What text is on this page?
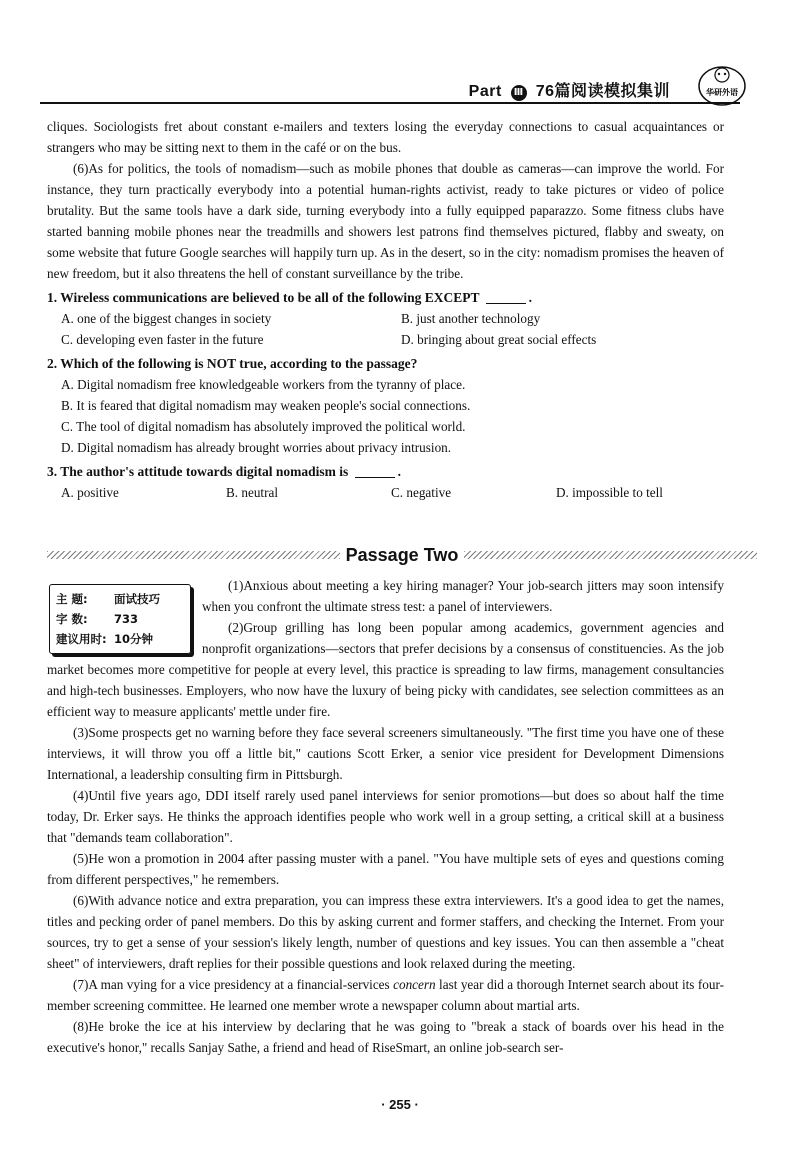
Part Ⅲ 76篇阅读模拟集训	华研外语

cliques. Sociologists fret about constant e-mailers and texters losing the everyday connections to casual acquaintances or strangers who may be sitting next to them in the café or on the bus.

(6)As for politics, the tools of nomadism—such as mobile phones that double as cameras—can improve the world. For instance, they turn practically everybody into a potential human-rights activist, ready to take pictures or video of police brutality. But the same tools have a dark side, turning everybody into a fully equipped paparazzo. Some fitness clubs have started banning mobile phones near the treadmills and showers lest patrons find themselves pictured, flabby and sweaty, on some website that future Google searches will happily turn up. As in the desert, so in the city: nomadism promises the heaven of new freedom, but it also threatens the hell of constant surveillance by the tribe.

1. Wireless communications are believed to be all of the following EXCEPT	.
A. one of the biggest changes in society	B. just another technology
C. developing even faster in the future	D. bringing about great social effects
2. Which of the following is NOT true, according to the passage?
A. Digital nomadism free knowledgeable workers from the tyranny of place.
B. It is feared that digital nomadism may weaken people's social connections.
C. The tool of digital nomadism has absolutely improved the political world.
D. Digital nomadism has already brought worries about privacy intrusion.
3. The author's attitude towards digital nomadism is	.
A. positive	B. neutral	C. negative	D. impossible to tell
Passage Two

(1)Anxious about meeting a key hiring manager? Your job-search jitters may soon intensify when you confront the ultimate stress test: a panel of interviewers.

(2)Group grilling has long been popular among academics, government agencies and nonprofit organizations—sectors that prefer decisions by a consensus of constituencies. As the job market becomes more competitive for people at every level, this practice is spreading to law firms, management consultancies and high-tech businesses. Employers, who now have the luxury of being picky with candidates, see selection committees as an efficient way to measure applicants' mettle under fire.

(3)Some prospects get no warning before they face several screeners simultaneously. "The first time you have one of these interviews, it will throw you off a little bit," cautions Scott Erker, a senior vice president for Development Dimensions International, a leadership consulting firm in Pittsburgh.

(4)Until five years ago, DDI itself rarely used panel interviews for senior promotions—but does so about half the time today, Dr. Erker says. He thinks the approach identifies people who work well in a group setting, a critical skill at a business that "demands team collaboration".

(5)He won a promotion in 2004 after passing muster with a panel. "You have multiple sets of eyes and questions coming from different perspectives," he remembers.

(6)With advance notice and extra preparation, you can impress these extra interviewers. It's a good idea to get the names, titles and pecking order of panel members. Do this by asking current and former staffers, and checking the Internet. From your sources, try to get a sense of your session's likely length, number of questions and key issues. You can then assemble a "cheat sheet" of interviewers, draft replies for their possible questions and look relaxed during the meeting.

(7)A man vying for a vice presidency at a financial-services concern last year did a thorough Internet search about its four-member screening committee. He learned one member wrote a newspaper column about martial arts.

(8)He broke the ice at his interview by declaring that he was going to "break a stack of boards over his head in the executive's honor," recalls Sanjay Sathe, a friend and head of RiseSmart, an online job-search ser-

主 题: 面试技巧
字 数: 733
建议用时: 10分钟
· 255 ·
